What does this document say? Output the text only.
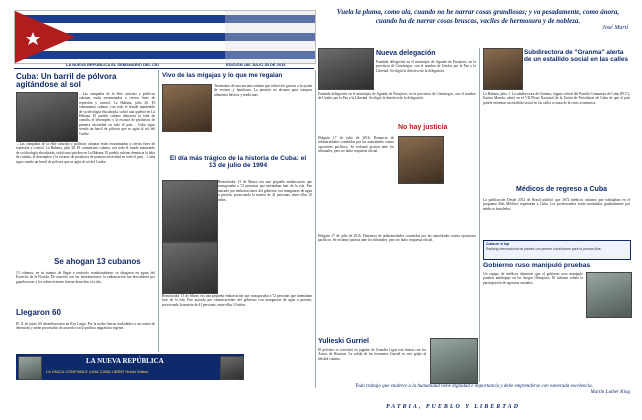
LA NUEVA REPÚBLICA EL SEMANARIO DEL CID	EDICIÓN 186 JULIO 30 DE 2016
Vuela la pluma, como ala, cuando no he narrar cosas grandiosas; y va pesadamente, como ánora, cuando ha de narrar cosas bruscas, vaciles de hermosura y de nobleza.
José Martí
Cuba: Un barril de pólvora agitándose al sol
…Las campañas de la élite castrista y políticas cubanas están encaminadas a ciertos fines de represión y control. La Habana, julio 20. El comunismo cubano, con todo el fraude mantenido de su ideología elucubrada, sufrió una quiebra en La Habana. El pueblo cubano denuncia la falta de comida, el desempleo y la escasez de productos de primera necesidad en todo el país… Cuba sigue siendo un barril de pólvora que se agita al sol del Caribe.
…Las campañas de la élite castrista y políticas cubanas están encaminadas a ciertos fines de represión y control. La Habana, julio 20. El comunismo cubano, con todo el fraude mantenido de su ideología elucubrada, sufrió una quiebra en La Habana. El pueblo cubano denuncia la falta de comida, el desempleo y la escasez de productos de primera necesidad en todo el país… Cuba sigue siendo un barril de pólvora que se agita al sol del Caribe.
Se ahogan 13 cubanos
13 cubanos, en su intento de llegar a territorio estadounidense, se ahogaron en aguas del Estrecho de la Florida. De acuerdo con las informaciones, la embarcación fue descubierta por guardacostas y los sobrevivientes fueron devueltos a la isla.
Llegaron 60
El 11 de junio, 60 desembarcaron en Key Largo. Por la noche fueron trasladados a un centro de detención y serán procesados de acuerdo con la política migratoria vigente.
LA NUEVA REPÚBLICA
LA ÚNICA CONFIABLE ¡UNA CUBA LIBRE! Huber Matos
Vivo de las migajas y lo que me regalan
Testimonio de una anciana cubana que sobrevive gracias a la ayuda de vecinos y familiares. La pensión no alcanza para comprar alimentos básicos y medicinas.
El día más trágico de la historia de Cuba: el 13 de julio de 1994
Remolcador 13 de Marzo era una pequeña embarcación que transportaba a 72 personas que intentaban huir de la isla. Fue atacado por embarcaciones del gobierno con mangueras de agua a presión, provocando la muerte de 41 personas, entre ellas 10 niños.
Remolcador 13 de Marzo era una pequeña embarcación que transportaba a 72 personas que intentaban huir de la isla. Fue atacado por embarcaciones del gobierno con mangueras de agua a presión, provocando la muerte de 41 personas, entre ellas 10 niños.
Nueva delegación
Fundada delegación en el municipio de Aguada de Pasajeros, en la provincia de Cienfuegos, con el nombre de Unidos por la Paz y la Libertad. Se eligió la directiva de la delegación.
Fundada delegación en el municipio de Aguada de Pasajeros, en la provincia de Cienfuegos, con el nombre de Unidos por la Paz y la Libertad. Se eligió la directiva de la delegación.
No hay justicia
Holguín 17 de julio de 2016. Denuncia de arbitrariedades cometidas por las autoridades contra opositores pacíficos. Se reclamó justicia ante los tribunales, pero no hubo respuesta oficial.
Holguín 17 de julio de 2016. Denuncia de arbitrariedades cometidas por las autoridades contra opositores pacíficos. Se reclamó justicia ante los tribunales, pero no hubo respuesta oficial.
Yulieski Gurriel
El pelotero se convirtió en jugador de Grandes Ligas tras firmar con los Astros de Houston. La salida de los hermanos Gurriel es otro golpe al béisbol cubano.
Subdirectora de "Granma" alerta de un estallido social en las calles
La Habana, julio 1. La subdirectora de Granma, órgano oficial del Partido Comunista de Cuba (PCC), Karina Marrón, alertó en el VII Pleno Nacional de la Unión de Periodistas de Cuba de que el país podría enfrentar un estallido social en las calles a causa de la crisis económica.
Médicos de regreso a Cuba
La publicación Desde 2012 de Brasil publicó que 1672 médicos cubanos que trabajaban en el programa Más Médicos regresarán a Cuba. Los profesionales serán sustituidos gradualmente por médicos brasileños.
Cuba en el top
Ranking internacional de países con peores condiciones para la prensa libre.
Gobierno ruso manipuló pruebas
Un equipo de médicos denunció que el gobierno ruso manipuló pruebas antidopaje en los Juegos Olímpicos. El informe señala la participación de agencias estatales.
Todo trabajo que enaltece a la humanidad tiene dignidad e importancia y debe emprenderse con esmerada excelencia.
Martin Luther King
PATRIA, PUEBLO Y LIBERTAD
